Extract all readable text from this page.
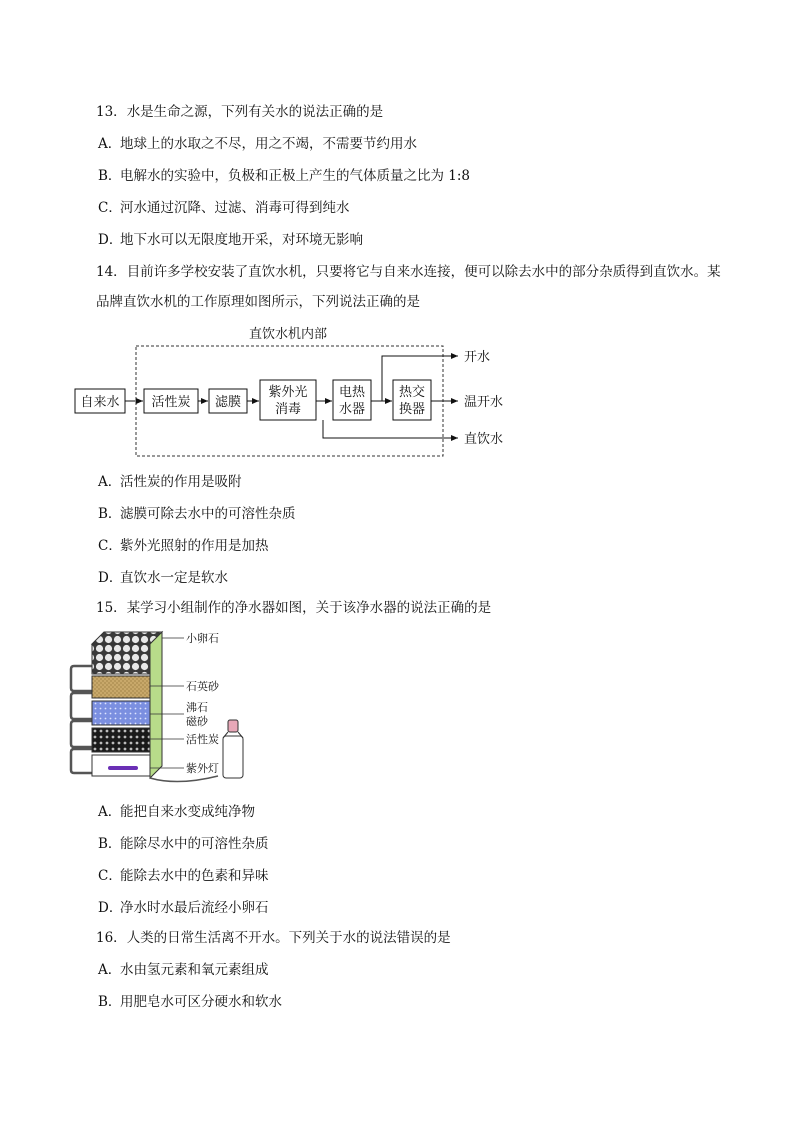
13．水是生命之源，下列有关水的说法正确的是
A．地球上的水取之不尽，用之不竭，不需要节约用水
B．电解水的实验中，负极和正极上产生的气体质量之比为 1:8
C．河水通过沉降、过滤、消毒可得到纯水
D．地下水可以无限度地开采，对环境无影响
14．目前许多学校安装了直饮水机，只要将它与自来水连接，便可以除去水中的部分杂质得到直饮水。某
品牌直饮水机的工作原理如图所示，下列说法正确的是
直饮水机内部
自来水 活性炭 滤膜
紫外光
消毒
电热
水器
热交
换器
开水
温开水
直饮水
A．活性炭的作用是吸附
B．滤膜可除去水中的可溶性杂质
C．紫外光照射的作用是加热
D．直饮水一定是软水
15．某学习小组制作的净水器如图，关于该净水器的说法正确的是
小卵石
石英砂
沸石
磁砂
活性炭
紫外灯
A．能把自来水变成纯净物
B．能除尽水中的可溶性杂质
C．能除去水中的色素和异味
D．净水时水最后流经小卵石
16．人类的日常生活离不开水。下列关于水的说法错误的是
A．水由氢元素和氧元素组成
B．用肥皂水可区分硬水和软水
